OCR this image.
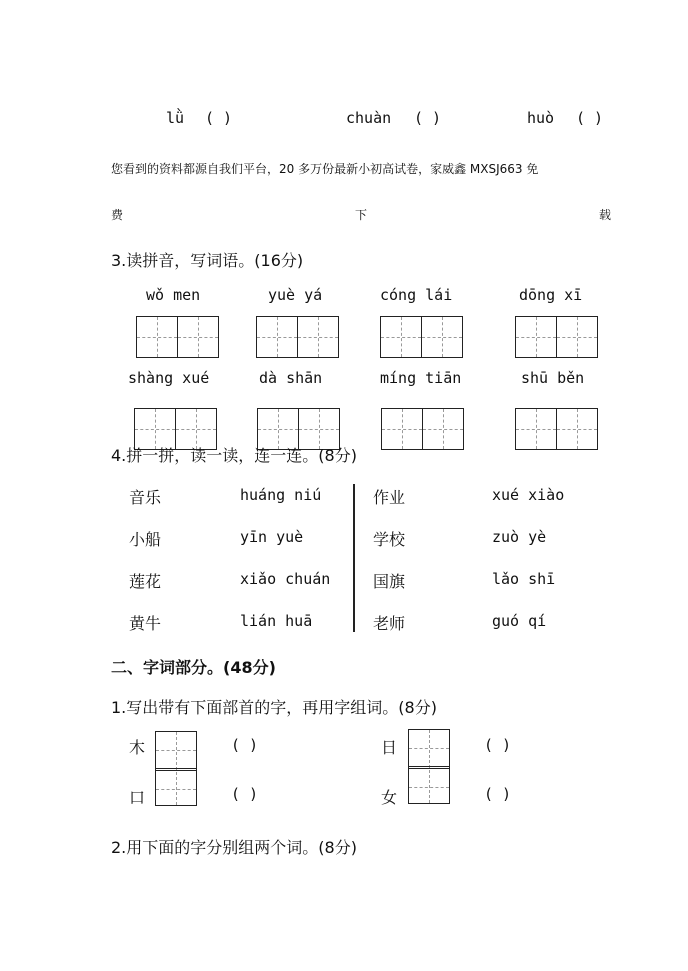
lǜ ( )	chuàn ( )	huò ( )
您看到的资料都源自我们平台，20 多万份最新小初高试卷，家威鑫 MXSJ663 免
费	下	载
3.读拼音，写词语。(16分)
wǒ men	yuè yá	cóng lái	dōng xī
shàng xué	dà shān	míng tiān	shū běn
4.拼一拼，读一读，连一连。(8分)
音乐
小船
莲花
黄牛
huáng niú
yīn yuè
xiǎo chuán
lián huā
作业
学校
国旗
老师
xué xiào
zuò yè
lǎo shī
guó qí
二、字词部分。(48分)
1.写出带有下面部首的字，再用字组词。(8分)
木
口
( )
( )
日
女
( )
( )
2.用下面的字分别组两个词。(8分)
